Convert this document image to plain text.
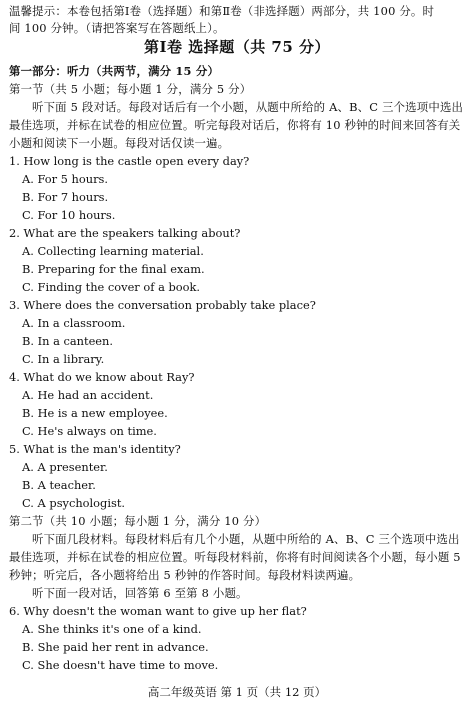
温馨提示：本卷包括第Ⅰ卷（选择题）和第Ⅱ卷（非选择题）两部分，共 100 分。时
间 100 分钟。（请把答案写在答题纸上）。
第Ⅰ卷 选择题（共 75 分）
第一部分：听力（共两节，满分 15 分）
第一节（共 5 小题；每小题 1 分，满分 5 分）
听下面 5 段对话。每段对话后有一个小题，从题中所给的 A、B、C 三个选项中选出
最佳选项，并标在试卷的相应位置。听完每段对话后，你将有 10 秒钟的时间来回答有关
小题和阅读下一小题。每段对话仅读一遍。
1. How long is the castle open every day?
A. For 5 hours.
B. For 7 hours.
C. For 10 hours.
2. What are the speakers talking about?
A. Collecting learning material.
B. Preparing for the final exam.
C. Finding the cover of a book.
3. Where does the conversation probably take place?
A. In a classroom.
B. In a canteen.
C. In a library.
4. What do we know about Ray?
A. He had an accident.
B. He is a new employee.
C. He's always on time.
5. What is the man's identity?
A. A presenter.
B. A teacher.
C. A psychologist.
第二节（共 10 小题；每小题 1 分，满分 10 分）
听下面几段材料。每段材料后有几个小题，从题中所给的 A、B、C 三个选项中选出
最佳选项，并标在试卷的相应位置。听每段材料前，你将有时间阅读各个小题，每小题 5
秒钟；听完后，各小题将给出 5 秒钟的作答时间。每段材料读两遍。
听下面一段对话，回答第 6 至第 8 小题。
6. Why doesn't the woman want to give up her flat?
A. She thinks it's one of a kind.
B. She paid her rent in advance.
C. She doesn't have time to move.
高二年级英语 第 1 页（共 12 页）
